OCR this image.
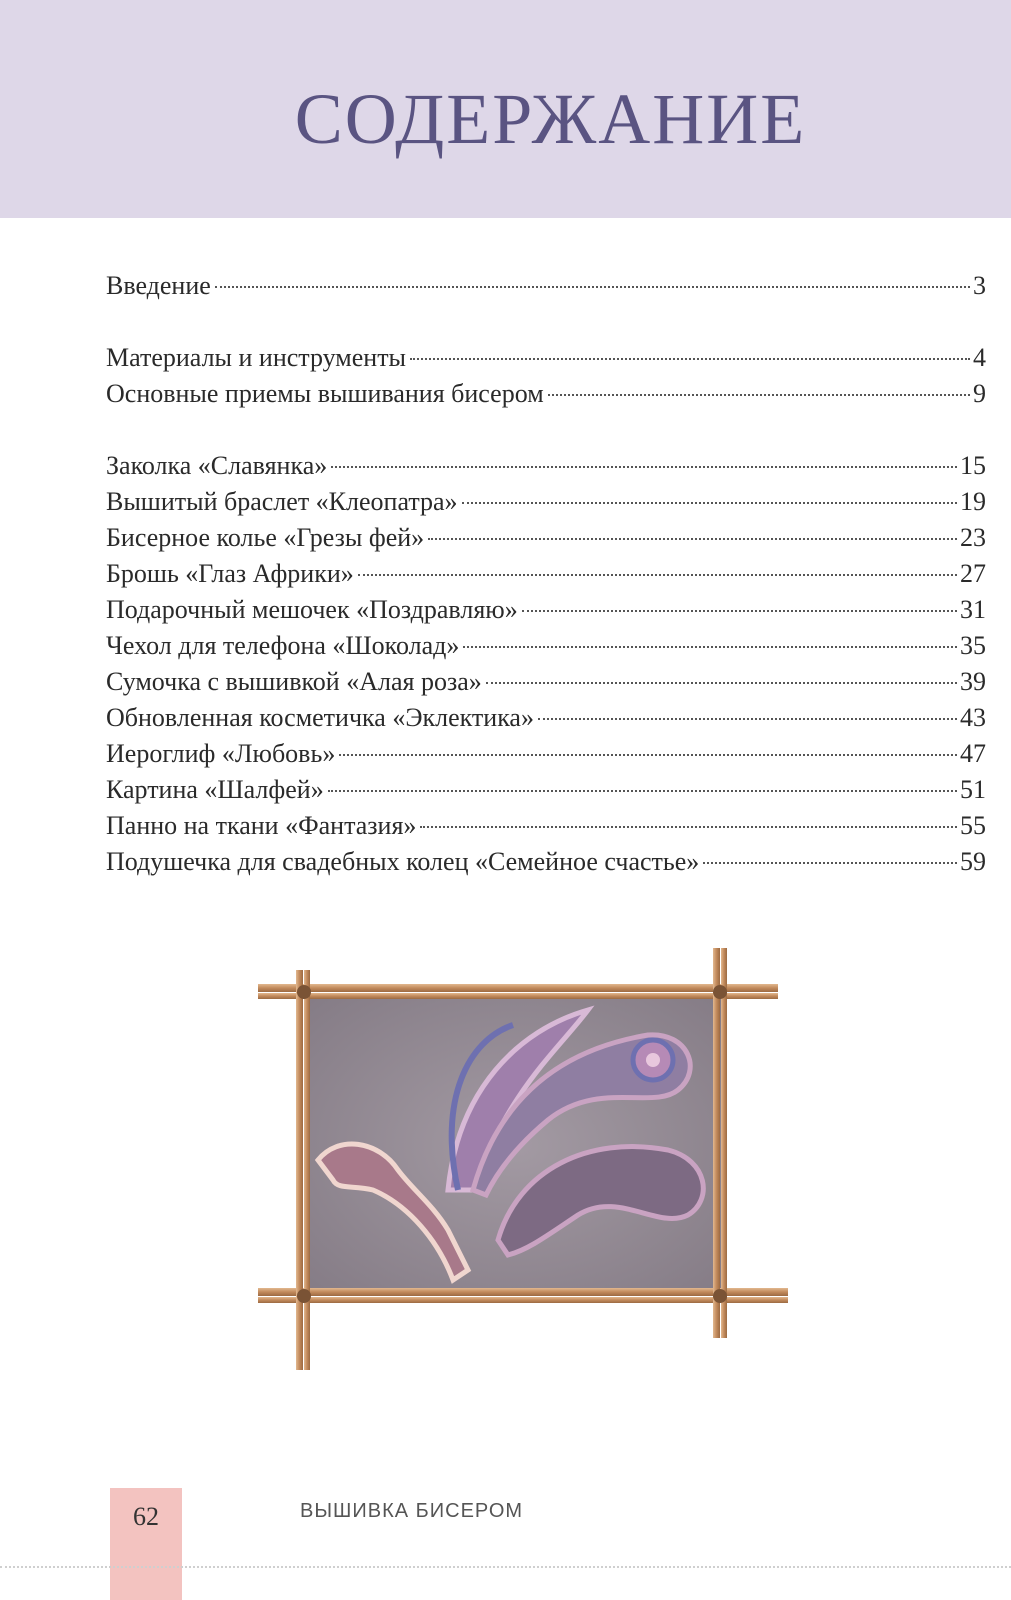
СОДЕРЖАНИЕ
Введение	3
Материалы и инструменты	4
Основные приемы вышивания бисером	9
Заколка «Славянка»	15
Вышитый браслет «Клеопатра»	19
Бисерное колье «Грезы фей»	23
Брошь «Глаз Африки»	27
Подарочный мешочек «Поздравляю»	31
Чехол для телефона «Шоколад»	35
Сумочка с вышивкой «Алая роза»	39
Обновленная косметичка «Эклектика»	43
Иероглиф «Любовь»	47
Картина «Шалфей»	51
Панно на ткани «Фантазия»	55
Подушечка для свадебных колец «Семейное счастье»	59
62	ВЫШИВКА БИСЕРОМ
